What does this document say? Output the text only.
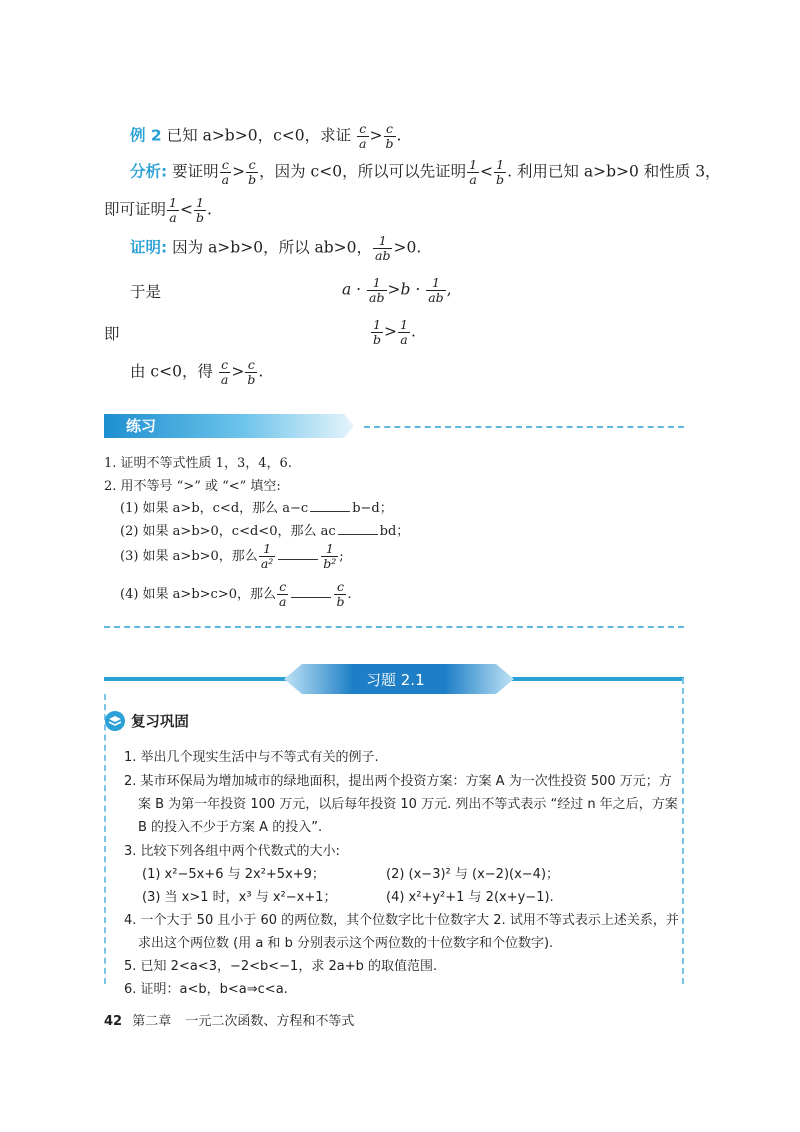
例 2 已知 a>b>0，c<0，求证 $\frac{c}{a} > \frac{c}{b}$ .
分析: 要证明 $\frac{c}{a} > \frac{c}{b}$ ，因为 c<0，所以可以先证明 $\frac{1}{a} < \frac{1}{b}$ . 利用已知 a>b>0 和性质 3，
即可证明 $\frac{1}{a} < \frac{1}{b}$ .
证明: 因为 a>b>0，所以 ab>0， $\frac{1}{ab} >0$.
于是	$a \cdot \frac{1}{ab} >b \cdot \frac{1}{ab}$ ,
即	$\frac{1}{b} > \frac{1}{a}$ .
由 c<0，得 $\frac{c}{a} > \frac{c}{b}$ .
练习
1. 证明不等式性质 1，3，4，6.
2. 用不等号 “>” 或 “<” 填空:
(1) 如果 a>b，c<d，那么 a−c	b−d；
(2) 如果 a>b>0，c<d<0，那么 ac	bd；
(3) 如果 a>b>0，那么 $\frac{1}{\text{a²}}$	$\frac{1}{\text{b²}}$ ;
(4) 如果 a>b>c>0，那么 $\frac{c}{a}$	$\frac{c}{b}$ .
习题 2.1
复习巩固
1. 举出几个现实生活中与不等式有关的例子.
2. 某市环保局为增加城市的绿地面积，提出两个投资方案：方案 A 为一次性投资 500 万元；方
案 B 为第一年投资 100 万元，以后每年投资 10 万元. 列出不等式表示 “经过 n 年之后，方案
B 的投入不少于方案 A 的投入”.
3. 比较下列各组中两个代数式的大小:
(1) x²−5x+6 与 2x²+5x+9；	(2) (x−3)² 与 (x−2)(x−4)；
(3) 当 x>1 时，x³ 与 x²−x+1；	(4) x²+y²+1 与 2(x+y−1).
4. 一个大于 50 且小于 60 的两位数，其个位数字比十位数字大 2. 试用不等式表示上述关系，并
求出这个两位数 (用 a 和 b 分别表示这个两位数的十位数字和个位数字).
5. 已知 2<a<3，−2<b<−1，求 2a+b 的取值范围.
6. 证明：a<b，b<a⇒c<a.
42 第二章 一元二次函数、方程和不等式
